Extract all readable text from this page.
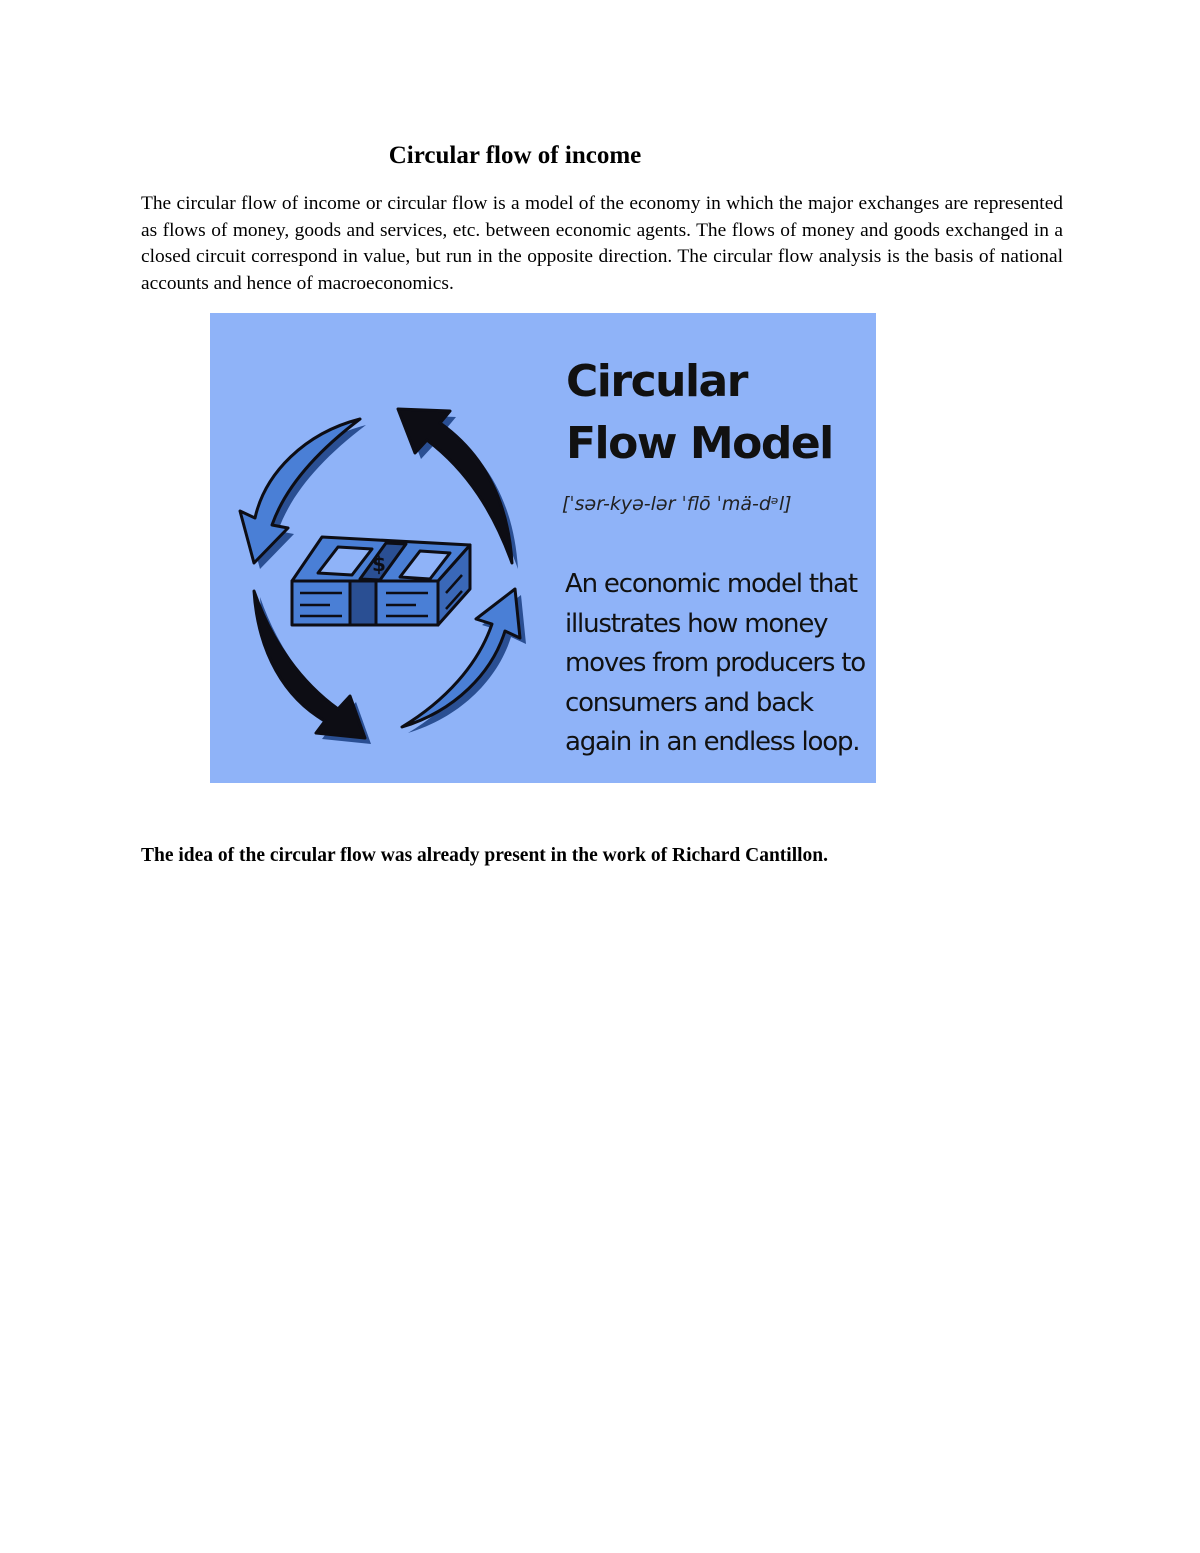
Circular flow of income

The circular flow of income or circular flow is a model of the economy in which the major exchanges are represented as flows of money, goods and services, etc. between economic agents. The flows of money and goods exchanged in a closed circuit correspond in value, but run in the opposite direction. The circular flow analysis is the basis of national accounts and hence of macroeconomics.

$
Circular Flow Model

[ˈsər-kyə-lər ˈflō ˈmä-dᵊl]

An economic model that illustrates how money moves from producers to consumers and back again in an endless loop.

The idea of the circular flow was already present in the work of Richard Cantillon.
